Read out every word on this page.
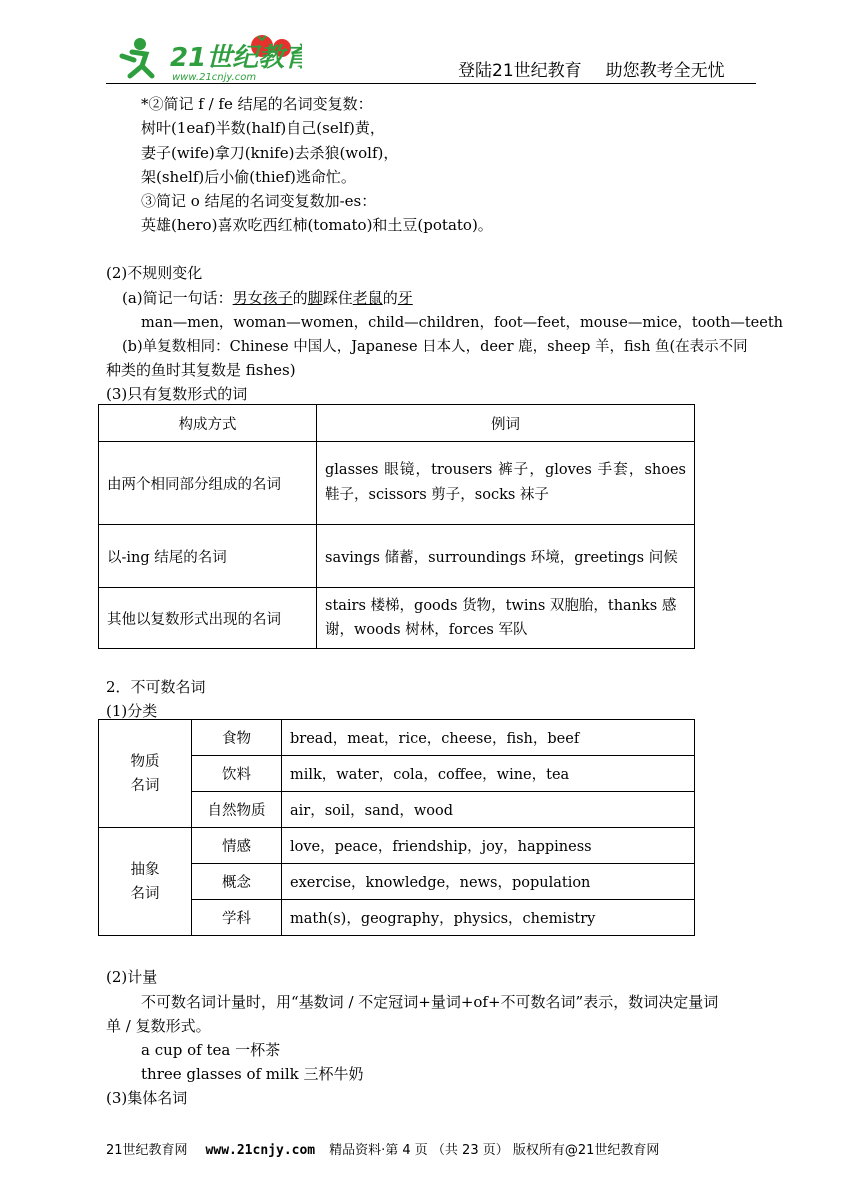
21世纪教育
www.21cnjy.com	登陆21世纪教育 助您教考全无忧
*②简记 f / fe 结尾的名词变复数：
树叶(1eaf)半数(half)自己(self)黄，
妻子(wife)拿刀(knife)去杀狼(wolf)，
架(shelf)后小偷(thief)逃命忙。
③简记 o 结尾的名词变复数加-es：
英雄(hero)喜欢吃西红柿(tomato)和土豆(potato)。
(2)不规则变化
(a)简记一句话：男女孩子的脚踩住老鼠的牙
man—men，woman—women，child—children，foot—feet，mouse—mice，tooth—teeth
(b)单复数相同：Chinese 中国人，Japanese 日本人，deer 鹿，sheep 羊，fish 鱼(在表示不同
种类的鱼时其复数是 fishes)
(3)只有复数形式的词
构成方式	例词
由两个相同部分组成的名词	glasses 眼镜，trousers 裤子，gloves 手套，shoes 鞋子，scissors 剪子，socks 袜子
以-ing 结尾的名词	savings 储蓄，surroundings 环境，greetings 问候
其他以复数形式出现的名词	stairs 楼梯，goods 货物，twins 双胞胎，thanks 感谢，woods 树林，forces 军队
2．不可数名词
(1)分类
物质
名词	食物	bread，meat，rice，cheese，fish，beef
	饮料	milk，water，cola，coffee，wine，tea
	自然物质	air，soil，sand，wood

抽象
名词	情感	love，peace，friendship，joy，happiness
	概念	exercise，knowledge，news，population
	学科	math(s)，geography，physics，chemistry
(2)计量
不可数名词计量时，用“基数词 / 不定冠词+量词+of+不可数名词”表示，数词决定量词
单 / 复数形式。
a cup of tea 一杯茶
three glasses of milk 三杯牛奶
(3)集体名词
21世纪教育网 www.21cnjy.com 精品资料·第 4 页 （共 23 页） 版权所有@21世纪教育网
